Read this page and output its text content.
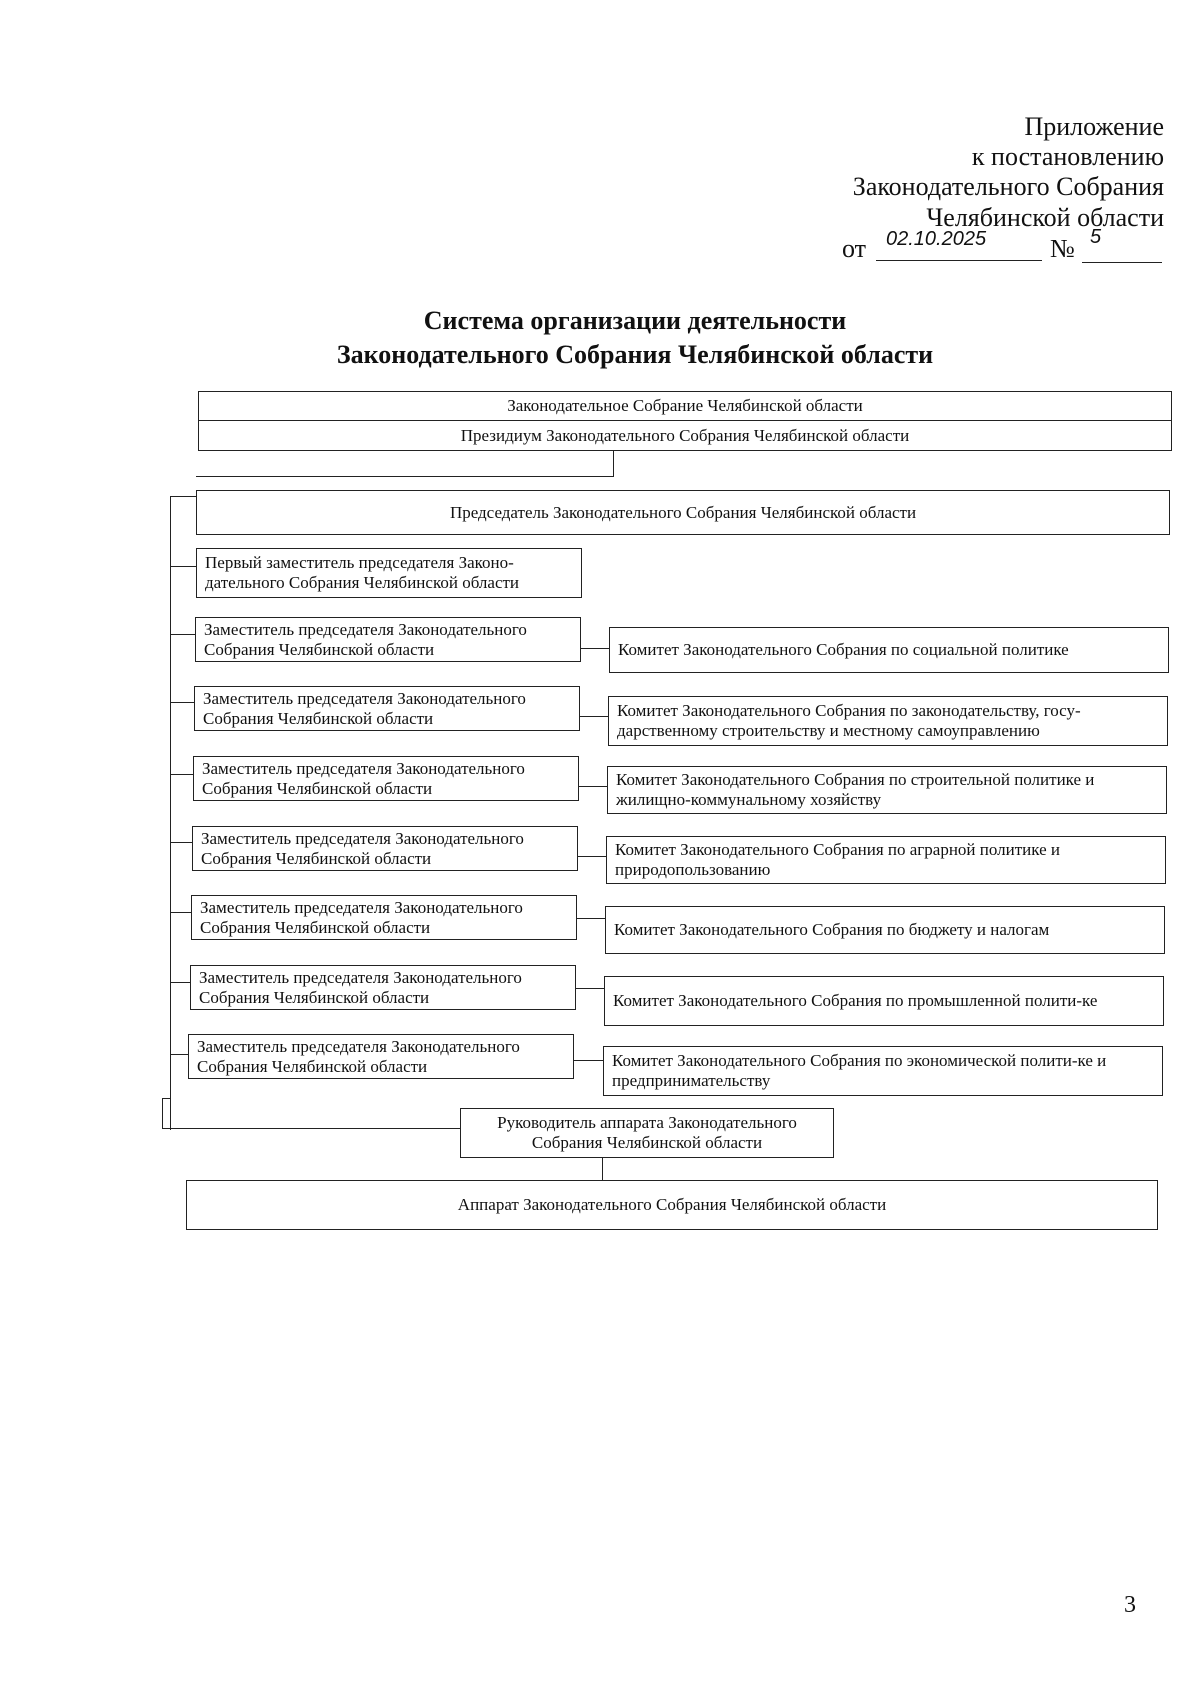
Приложение
к постановлению
Законодательного Собрания
Челябинской области
от 02.10.2025 № 5
Система организации деятельности
Законодательного Собрания Челябинской области
Законодательное Собрание Челябинской области
Президиум Законодательного Собрания Челябинской области
Председатель Законодательного Собрания Челябинской области
Первый заместитель председателя Законо-дательного Собрания Челябинской области
Заместитель председателя Законодательного Собрания Челябинской области	Комитет Законодательного Собрания по социальной политике
Заместитель председателя Законодательного Собрания Челябинской области	Комитет Законодательного Собрания по законодательству, госу-дарственному строительству и местному самоуправлению
Заместитель председателя Законодательного Собрания Челябинской области	Комитет Законодательного Собрания по строительной политике и жилищно-коммунальному хозяйству
Заместитель председателя Законодательного Собрания Челябинской области	Комитет Законодательного Собрания по аграрной политике и природопользованию
Заместитель председателя Законодательного Собрания Челябинской области	Комитет Законодательного Собрания по бюджету и налогам
Заместитель председателя Законодательного Собрания Челябинской области	Комитет Законодательного Собрания по промышленной полити-ке
Заместитель председателя Законодательного Собрания Челябинской области	Комитет Законодательного Собрания по экономической полити-ке и предпринимательству
Руководитель аппарата Законодательного Собрания Челябинской области
Аппарат Законодательного Собрания Челябинской области
3
